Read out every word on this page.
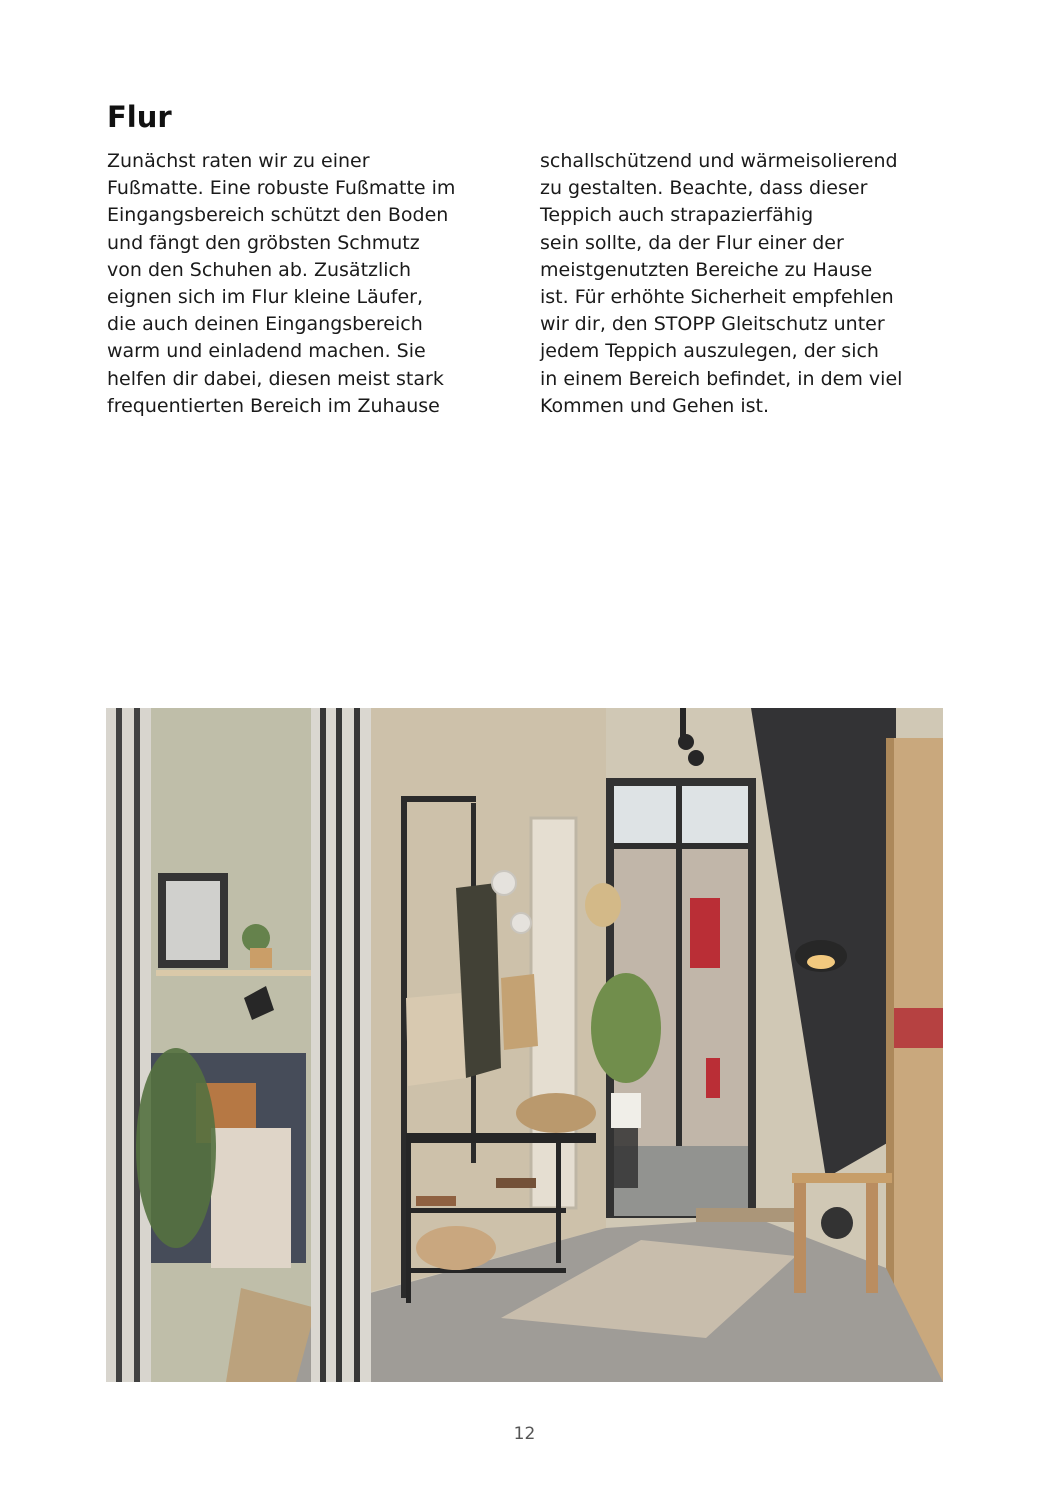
Flur
Zunächst raten wir zu einer
Fußmatte. Eine robuste Fußmatte im
Eingangsbereich schützt den Boden
und fängt den gröbsten Schmutz
von den Schuhen ab. Zusätzlich
eignen sich im Flur kleine Läufer,
die auch deinen Eingangsbereich
warm und einladend machen. Sie
helfen dir dabei, diesen meist stark
frequentierten Bereich im Zuhause
schallschützend und wärmeisolierend
zu gestalten. Beachte, dass dieser
Teppich auch strapazierfähig
sein sollte, da der Flur einer der
meistgenutzten Bereiche zu Hause
ist. Für erhöhte Sicherheit empfehlen
wir dir, den STOPP Gleitschutz unter
jedem Teppich auszulegen, der sich
in einem Bereich befindet, in dem viel
Kommen und Gehen ist.
12
